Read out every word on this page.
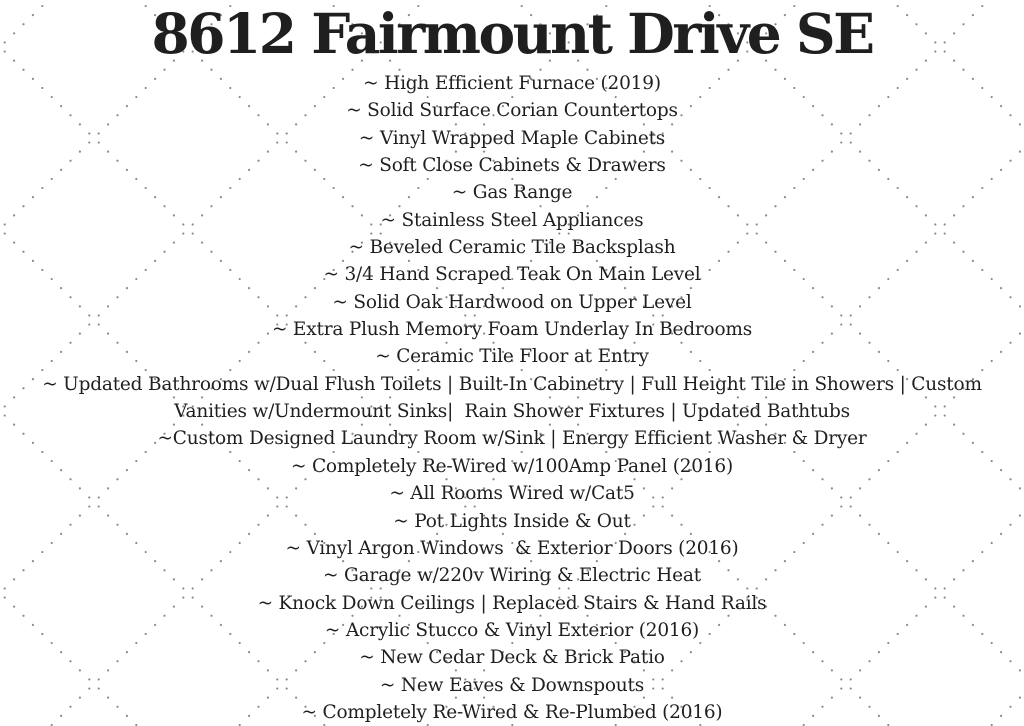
8612 Fairmount Drive SE

~ High Efficient Furnace (2019)

~ Solid Surface Corian Countertops

~ Vinyl Wrapped Maple Cabinets

~ Soft Close Cabinets & Drawers

~ Gas Range

~ Stainless Steel Appliances

~ Beveled Ceramic Tile Backsplash

~ 3/4 Hand Scraped Teak On Main Level

~ Solid Oak Hardwood on Upper Level

~ Extra Plush Memory Foam Underlay In Bedrooms

~ Ceramic Tile Floor at Entry

~ Updated Bathrooms w/Dual Flush Toilets | Built-In Cabinetry | Full Height Tile in Showers | Custom Vanities w/Undermount Sinks|  Rain Shower Fixtures | Updated Bathtubs

~Custom Designed Laundry Room w/Sink | Energy Efficient Washer & Dryer

~ Completely Re-Wired w/100Amp Panel (2016)

~ All Rooms Wired w/Cat5

~ Pot Lights Inside & Out

~ Vinyl Argon Windows  & Exterior Doors (2016)

~ Garage w/220v Wiring & Electric Heat

~ Knock Down Ceilings | Replaced Stairs & Hand Rails

~ Acrylic Stucco & Vinyl Exterior (2016)

~ New Cedar Deck & Brick Patio

~ New Eaves & Downspouts

~ Completely Re-Wired & Re-Plumbed (2016)
